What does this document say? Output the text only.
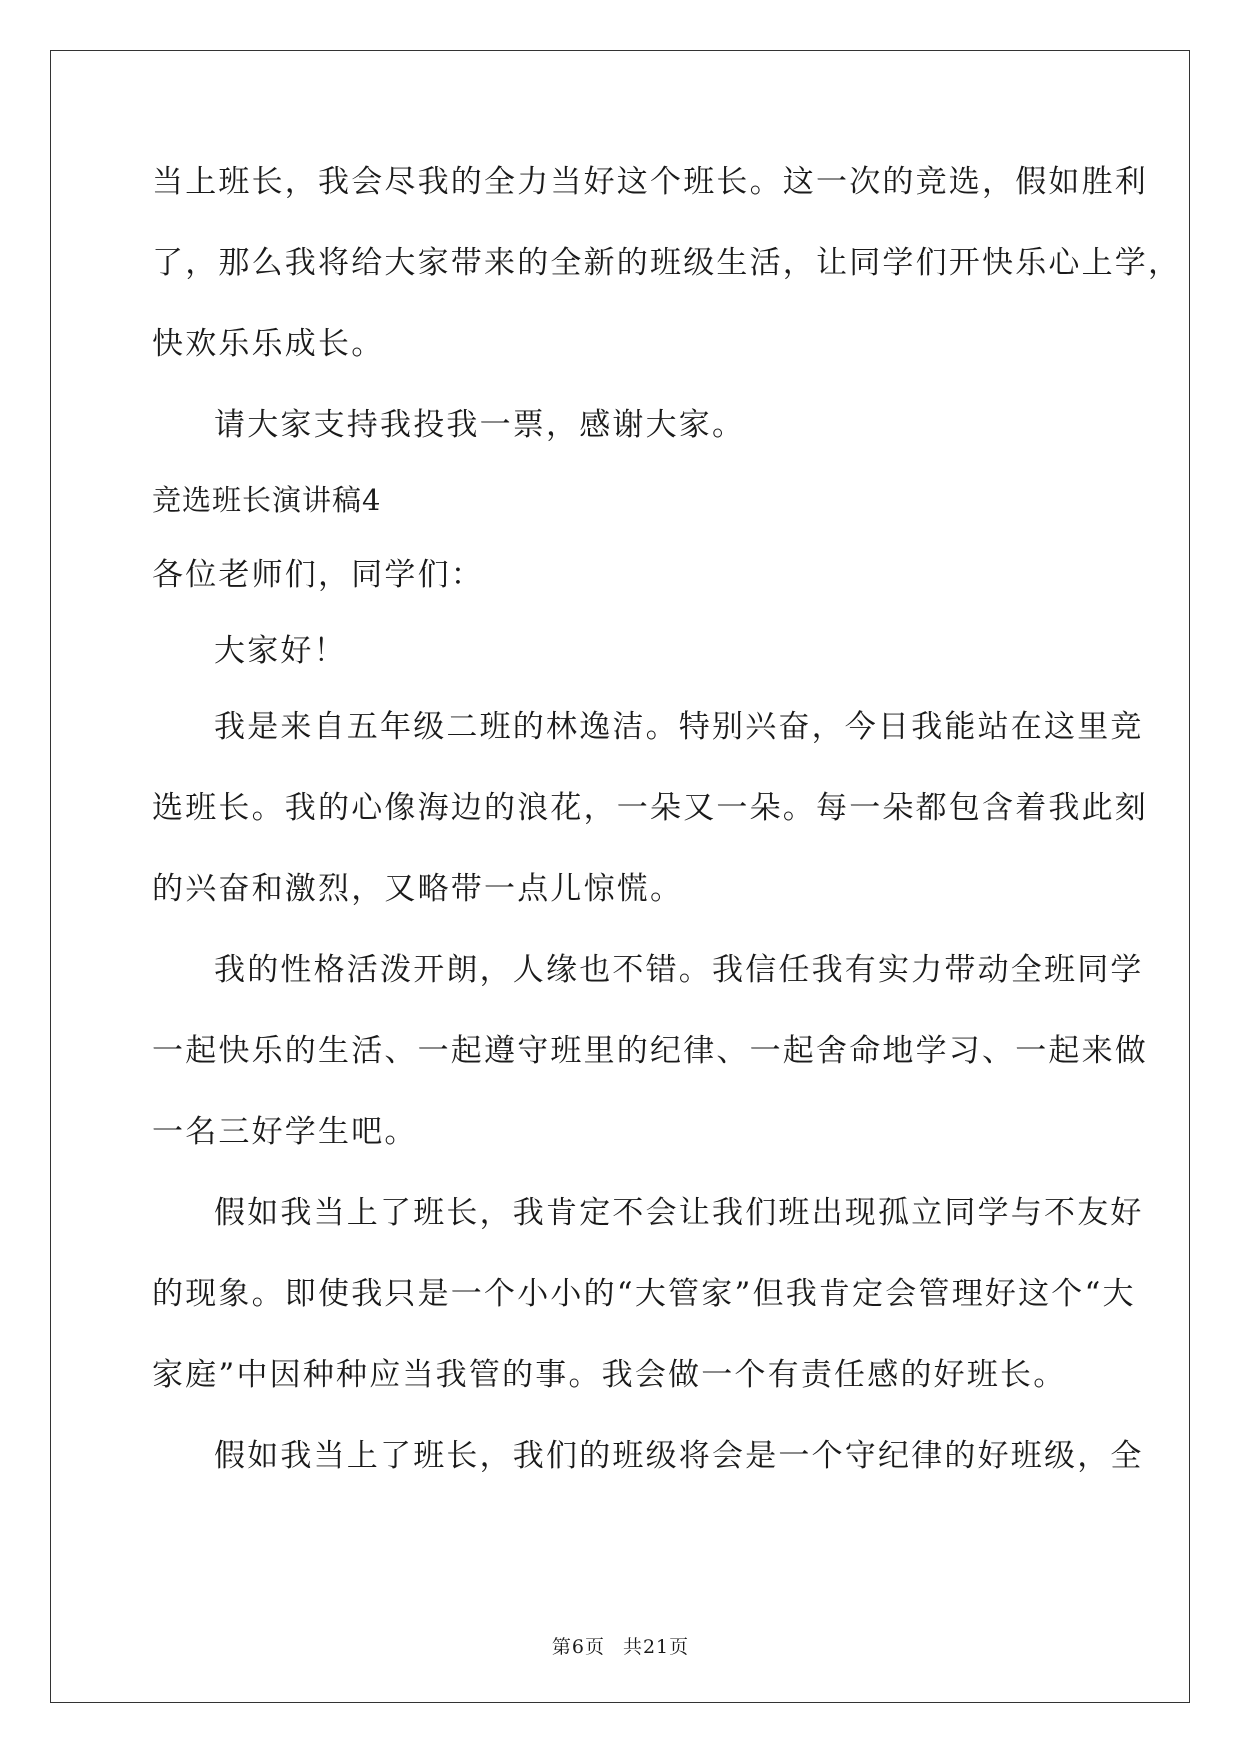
当上班长，我会尽我的全力当好这个班长。这一次的竞选，假如胜利

了，那么我将给大家带来的全新的班级生活，让同学们开快乐心上学，

快欢乐乐成长。

请大家支持我投我一票，感谢大家。

竞选班长演讲稿4

各位老师们，同学们：

大家好！

我是来自五年级二班的林逸洁。特别兴奋，今日我能站在这里竞

选班长。我的心像海边的浪花，一朵又一朵。每一朵都包含着我此刻

的兴奋和激烈，又略带一点儿惊慌。

我的性格活泼开朗，人缘也不错。我信任我有实力带动全班同学

一起快乐的生活、一起遵守班里的纪律、一起舍命地学习、一起来做

一名三好学生吧。

假如我当上了班长，我肯定不会让我们班出现孤立同学与不友好

的现象。即使我只是一个小小的“大管家”但我肯定会管理好这个“大

家庭”中因种种应当我管的事。我会做一个有责任感的好班长。

假如我当上了班长，我们的班级将会是一个守纪律的好班级，全

第6页 共21页
